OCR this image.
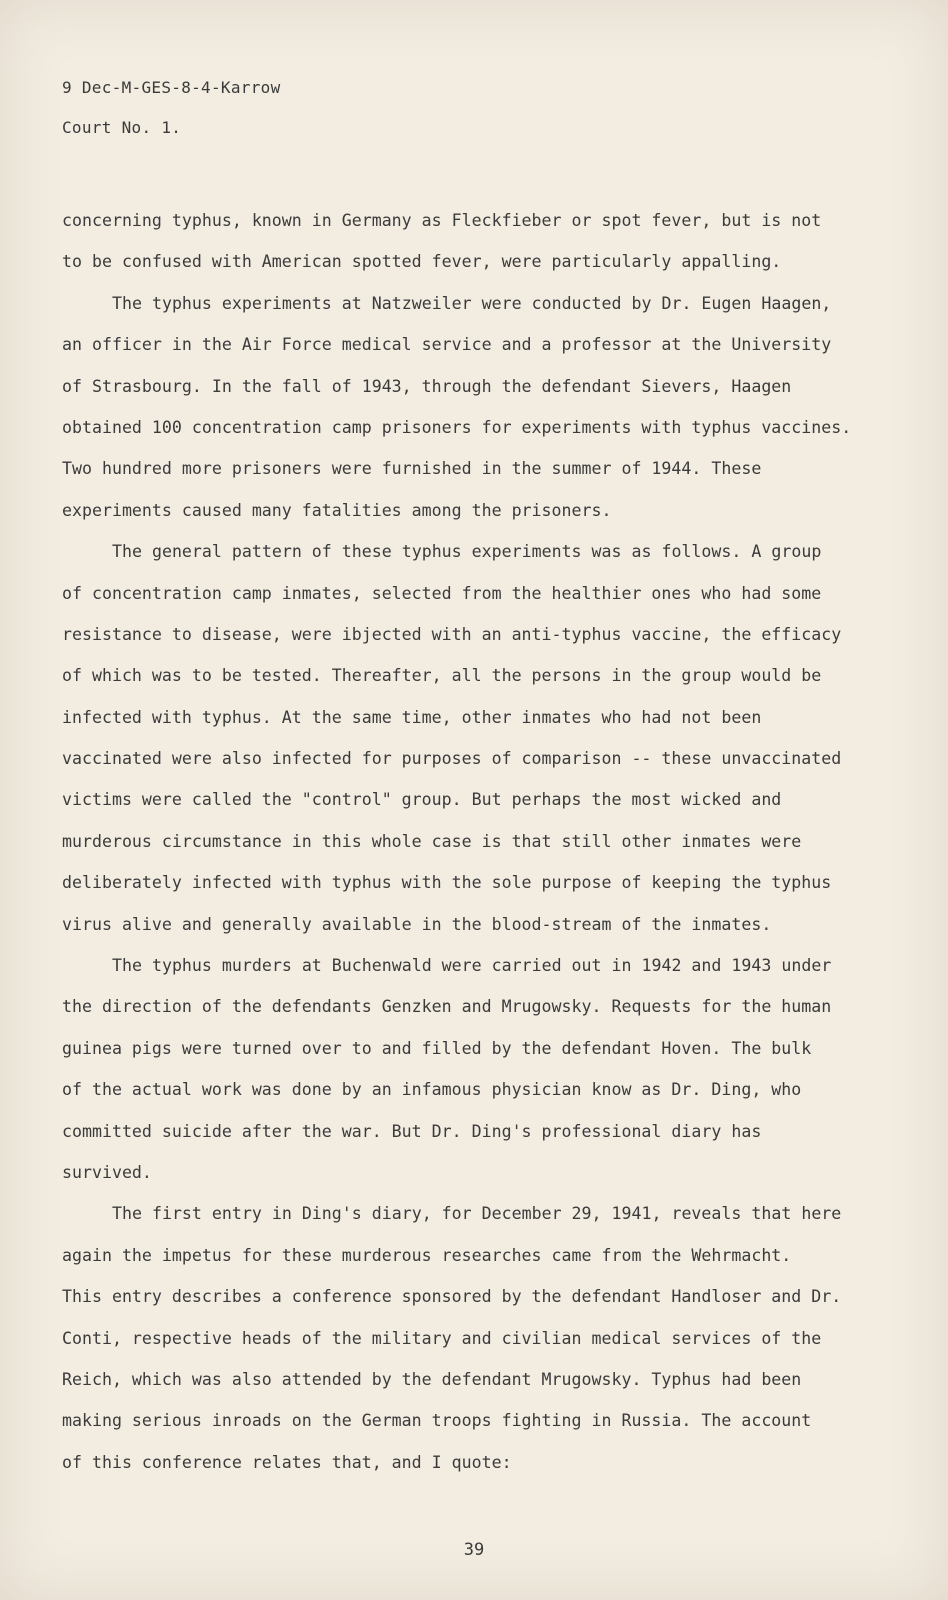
9 Dec-M-GES-8-4-Karrow
Court No. 1.
concerning typhus, known in Germany as Fleckfieber or spot fever, but is not
to be confused with American spotted fever, were particularly appalling.
The typhus experiments at Natzweiler were conducted by Dr. Eugen Haagen,
an officer in the Air Force medical service and a professor at the University
of Strasbourg. In the fall of 1943, through the defendant Sievers, Haagen
obtained 100 concentration camp prisoners for experiments with typhus vaccines.
Two hundred more prisoners were furnished in the summer of 1944. These
experiments caused many fatalities among the prisoners.
The general pattern of these typhus experiments was as follows. A group
of concentration camp inmates, selected from the healthier ones who had some
resistance to disease, were ibjected with an anti-typhus vaccine, the efficacy
of which was to be tested. Thereafter, all the persons in the group would be
infected with typhus. At the same time, other inmates who had not been
vaccinated were also infected for purposes of comparison -- these unvaccinated
victims were called the "control" group. But perhaps the most wicked and
murderous circumstance in this whole case is that still other inmates were
deliberately infected with typhus with the sole purpose of keeping the typhus
virus alive and generally available in the blood-stream of the inmates.
The typhus murders at Buchenwald were carried out in 1942 and 1943 under
the direction of the defendants Genzken and Mrugowsky. Requests for the human
guinea pigs were turned over to and filled by the defendant Hoven. The bulk
of the actual work was done by an infamous physician know as Dr. Ding, who
committed suicide after the war. But Dr. Ding's professional diary has
survived.
The first entry in Ding's diary, for December 29, 1941, reveals that here
again the impetus for these murderous researches came from the Wehrmacht.
This entry describes a conference sponsored by the defendant Handloser and Dr.
Conti, respective heads of the military and civilian medical services of the
Reich, which was also attended by the defendant Mrugowsky. Typhus had been
making serious inroads on the German troops fighting in Russia. The account
of this conference relates that, and I quote:
39
